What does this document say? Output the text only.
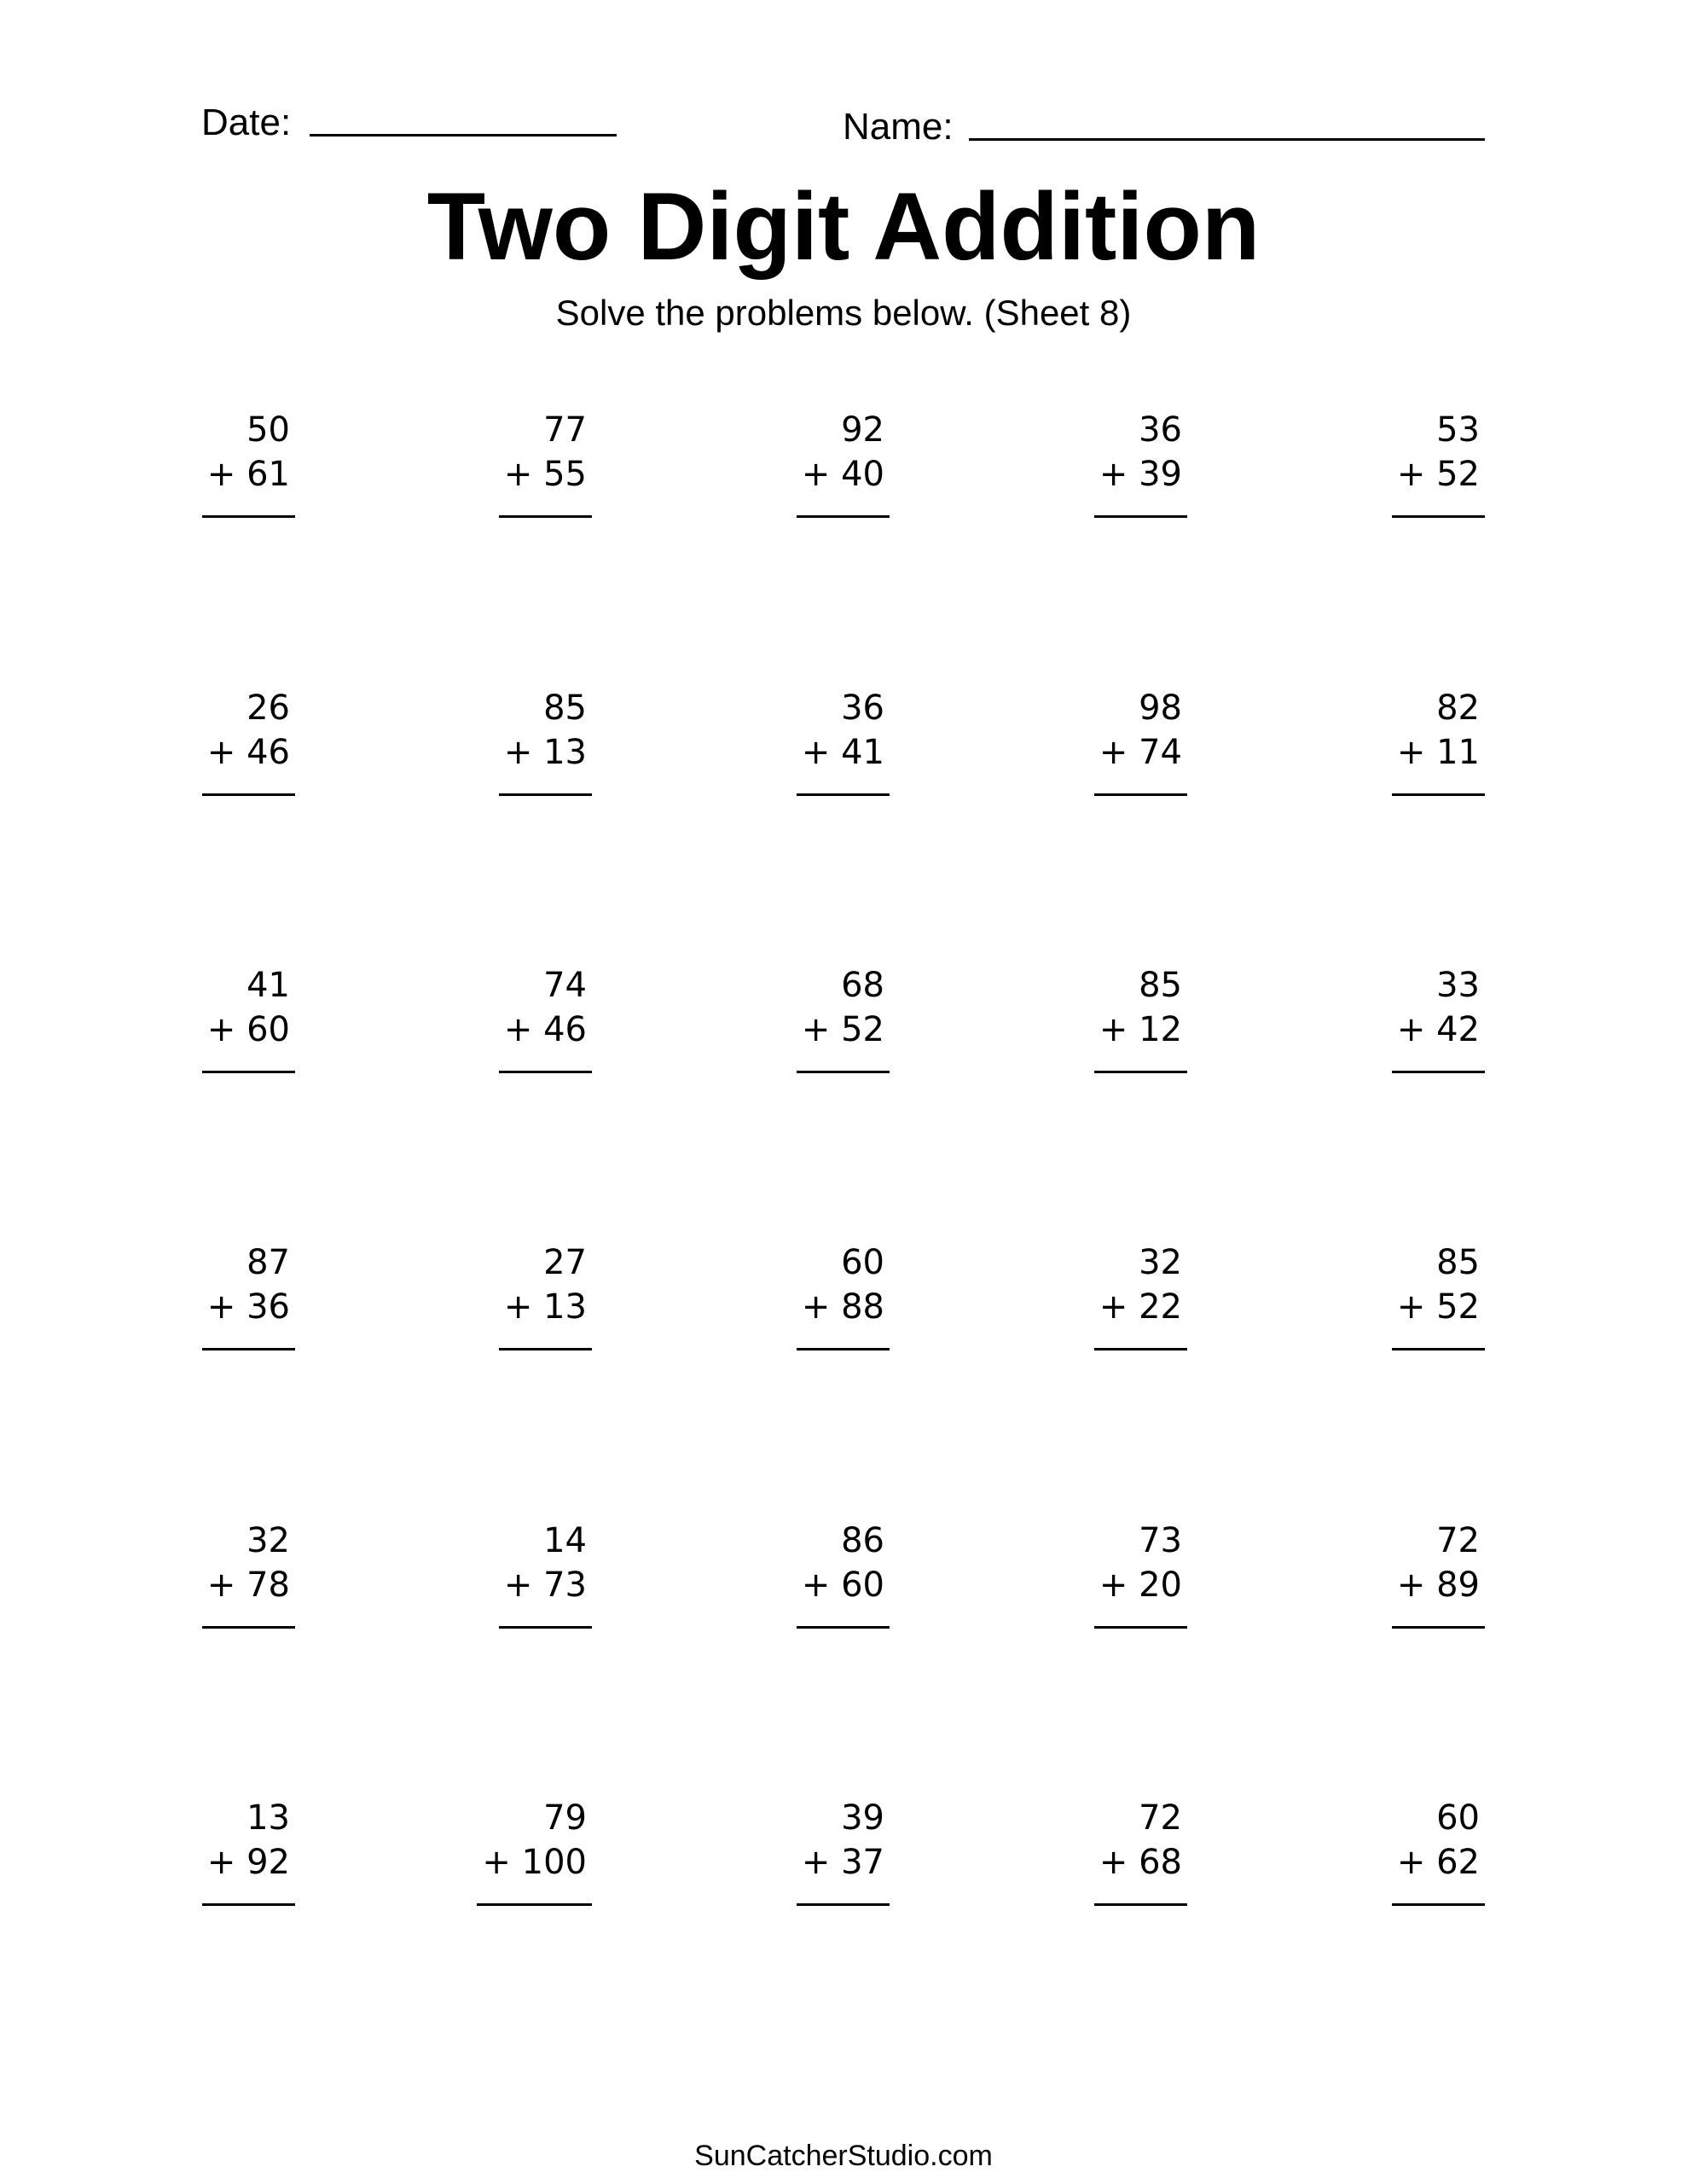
Date:	Name:
Two Digit Addition
Solve the problems below. (Sheet 8)
50
+ 61
77
+ 55
92
+ 40
36
+ 39
53
+ 52
26
+ 46
85
+ 13
36
+ 41
98
+ 74
82
+ 11
41
+ 60
74
+ 46
68
+ 52
85
+ 12
33
+ 42
87
+ 36
27
+ 13
60
+ 88
32
+ 22
85
+ 52
32
+ 78
14
+ 73
86
+ 60
73
+ 20
72
+ 89
13
+ 92
79
+ 100
39
+ 37
72
+ 68
60
+ 62
SunCatcherStudio.com
